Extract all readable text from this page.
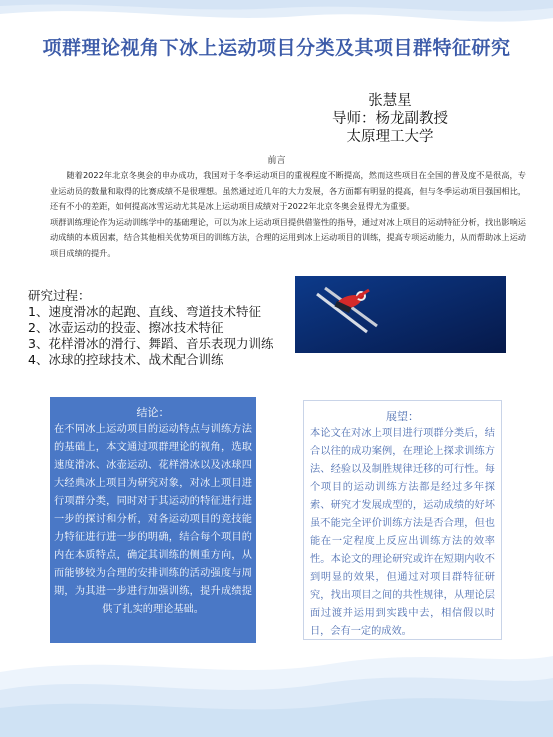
项群理论视角下冰上运动项目分类及其项目群特征研究
张慧星
导师：杨龙副教授
太原理工大学
前言

随着2022年北京冬奥会的申办成功，我国对于冬季运动项目的重视程度不断提高，然而这些项目在全国的普及度不是很高，专业运动员的数量和取得的比赛成绩不是很理想。虽然通过近几年的大力发展，各方面都有明显的提高，但与冬季运动项目强国相比，还有不小的差距，如何提高冰雪运动尤其是冰上运动项目成绩对于2022年北京冬奥会显得尤为重要。

项群训练理论作为运动训练学中的基础理论，可以为冰上运动项目提供借鉴性的指导，通过对冰上项目的运动特征分析，找出影响运动成绩的本质因素，结合其他相关优势项目的训练方法，合理的运用到冰上运动项目的训练，提高专项运动能力，从而帮助冰上运动项目成绩的提升。

研究过程：
1、速度滑冰的起跑、直线、弯道技术特征
2、冰壶运动的投壶、擦冰技术特征
3、花样滑冰的滑行、舞蹈、音乐表现力训练
4、冰球的控球技术、战术配合训练
结论：
在不同冰上运动项目的运动特点与训练方法的基础上，本文通过项群理论的视角，选取速度滑冰、冰壶运动、花样滑冰以及冰球四大经典冰上项目为研究对象，对冰上项目进行项群分类，同时对于其运动的特征进行进一步的探讨和分析，对各运动项目的竞技能力特征进行进一步的明确，结合每个项目的内在本质特点，确定其训练的侧重方向，从而能够较为合理的安排训练的活动强度与周期，为其进一步进行加强训练，提升成绩提供了扎实的理论基础。
展望：
本论文在对冰上项目进行项群分类后，结合以往的成功案例，在理论上探求训练方法、经验以及制胜规律迁移的可行性。每个项目的运动训练方法都是经过多年探索、研究才发展成型的，运动成绩的好坏虽不能完全评价训练方法是否合理，但也能在一定程度上反应出训练方法的效率性。本论文的理论研究或许在短期内收不到明显的效果，但通过对项目群特征研究，找出项目之间的共性规律，从理论层面过渡并运用到实践中去，相信假以时日，会有一定的成效。
